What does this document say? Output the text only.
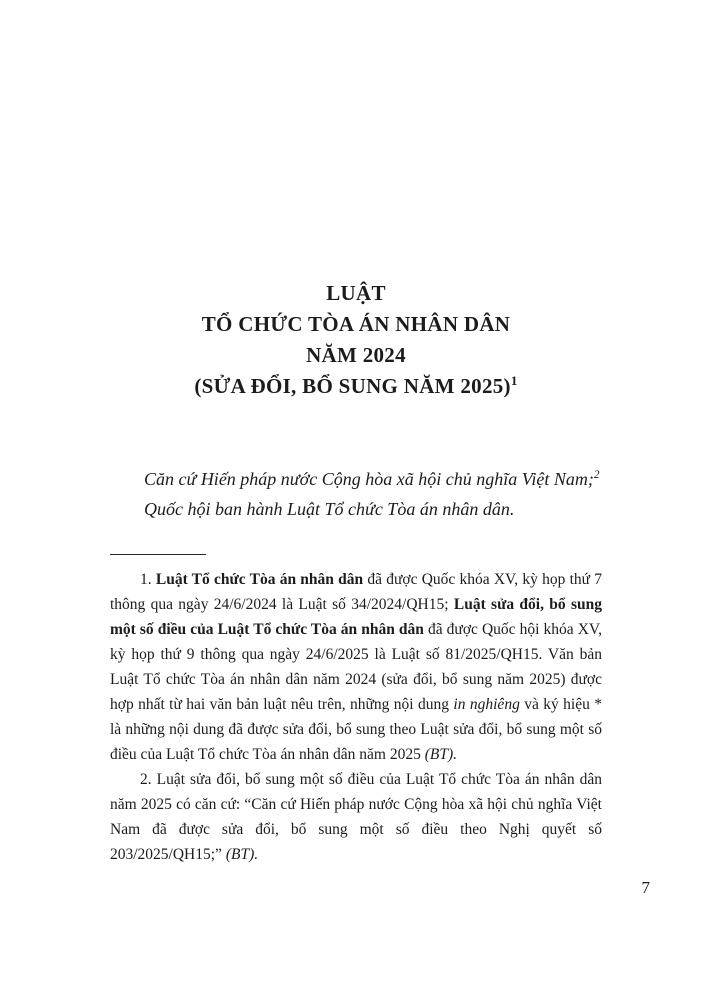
LUẬT
TỔ CHỨC TÒA ÁN NHÂN DÂN
NĂM 2024
(SỬA ĐỔI, BỔ SUNG NĂM 2025)$^1$

Căn cứ Hiến pháp nước Cộng hòa xã hội chủ nghĩa Việt Nam;$^2$

Quốc hội ban hành Luật Tổ chức Tòa án nhân dân.

1. Luật Tổ chức Tòa án nhân dân đã được Quốc khóa XV, kỳ họp thứ 7 thông qua ngày 24/6/2024 là Luật số 34/2024/QH15; Luật sửa đổi, bổ sung một số điều của Luật Tổ chức Tòa án nhân dân đã được Quốc hội khóa XV, kỳ họp thứ 9 thông qua ngày 24/6/2025 là Luật số 81/2025/QH15. Văn bản Luật Tổ chức Tòa án nhân dân năm 2024 (sửa đổi, bổ sung năm 2025) được hợp nhất từ hai văn bản luật nêu trên, những nội dung in nghiêng và ký hiệu * là những nội dung đã được sửa đổi, bổ sung theo Luật sửa đổi, bổ sung một số điều của Luật Tổ chức Tòa án nhân dân năm 2025 (BT).

2. Luật sửa đổi, bổ sung một số điều của Luật Tổ chức Tòa án nhân dân năm 2025 có căn cứ: “Căn cứ Hiến pháp nước Cộng hòa xã hội chủ nghĩa Việt Nam đã được sửa đổi, bổ sung một số điều theo Nghị quyết số 203/2025/QH15;” (BT).

7
